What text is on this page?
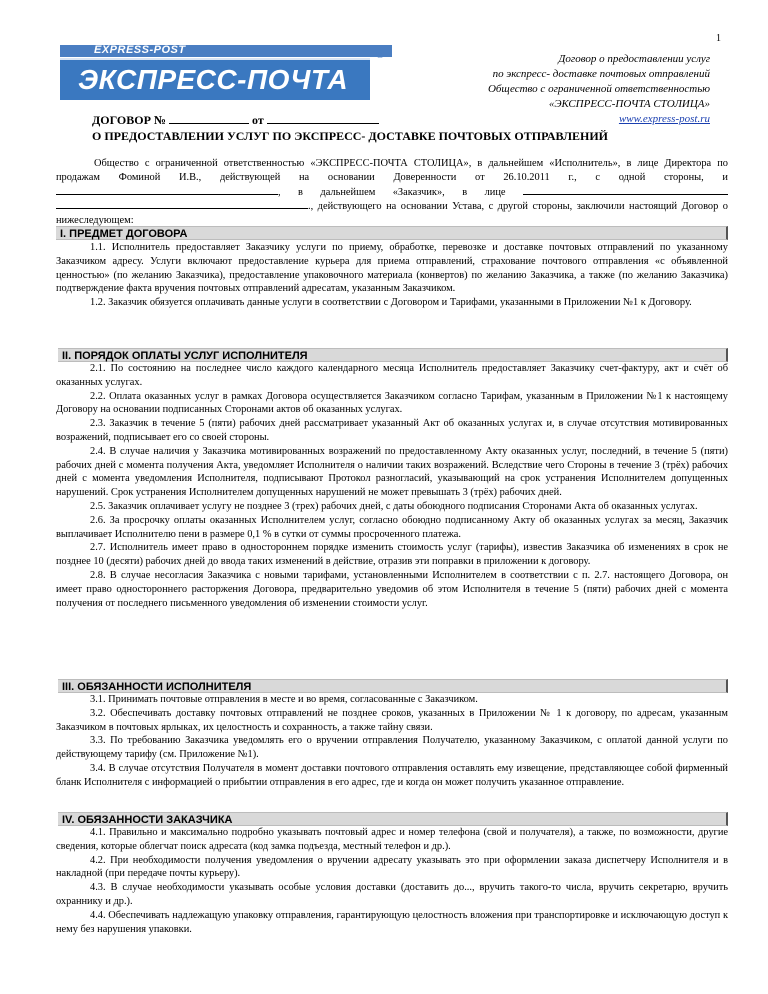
1
EXPRESS-POST
ЭКСПРЕСС-ПОЧТА
®	Договор о предоставлении услуг
по экспресс- доставке почтовых отправлений
Общество с ограниченной ответственностью
«ЭКСПРЕСС-ПОЧТА СТОЛИЦА»
www.express-post.ru
ДОГОВОР №	от
О ПРЕДОСТАВЛЕНИИ УСЛУГ ПО ЭКСПРЕСС- ДОСТАВКЕ ПОЧТОВЫХ ОТПРАВЛЕНИЙ

Общество с ограниченной ответственностью «ЭКСПРЕСС-ПОЧТА СТОЛИЦА», в дальнейшем «Исполнитель», в лице Директора по продажам Фоминой И.В., действующей на основании Доверенности от 26.10.2011 г., с одной стороны, и , в дальнейшем «Заказчик», в лице  ., действующего на основании Устава, с другой стороны, заключили настоящий Договор о нижеследующем:

I. ПРЕДМЕТ ДОГОВОРА

1.1. Исполнитель предоставляет Заказчику услуги по приему, обработке, перевозке и доставке почтовых отправлений по указанному Заказчиком адресу. Услуги включают предоставление курьера для приема отправлений, страхование почтового отправления «с объявленной ценностью» (по желанию Заказчика), предоставление упаковочного материала (конвертов) по желанию Заказчика, а также (по желанию Заказчика) подтверждение факта вручения почтовых отправлений адресатам, указанным Заказчиком.

1.2. Заказчик обязуется оплачивать данные услуги в соответствии с Договором и Тарифами, указанными в Приложении №1 к Договору.

II. ПОРЯДОК ОПЛАТЫ УСЛУГ ИСПОЛНИТЕЛЯ

2.1. По состоянию на последнее число каждого календарного месяца Исполнитель предоставляет Заказчику счет-фактуру, акт и счёт об оказанных услугах.

2.2. Оплата оказанных услуг в рамках Договора осуществляется Заказчиком согласно Тарифам, указанным в Приложении №1 к настоящему Договору на основании подписанных Сторонами актов об оказанных услугах.

2.3. Заказчик в течение 5 (пяти) рабочих дней рассматривает указанный Акт об оказанных услугах и, в случае отсутствия мотивированных возражений, подписывает его со своей стороны.

2.4. В случае наличия у Заказчика мотивированных возражений по предоставленному Акту оказанных услуг, последний, в течение 5 (пяти) рабочих дней с момента получения Акта, уведомляет Исполнителя о наличии таких возражений. Вследствие чего Стороны в течение 3 (трёх) рабочих дней с момента уведомления Исполнителя, подписывают Протокол разногласий, указывающий на срок устранения Исполнителем допущенных нарушений. Срок устранения Исполнителем допущенных нарушений не может превышать 3 (трёх) рабочих дней.

2.5. Заказчик оплачивает услугу не позднее 3 (трех) рабочих дней, с даты обоюдного подписания Сторонами Акта об оказанных услугах.

2.6. За просрочку оплаты оказанных Исполнителем услуг, согласно обоюдно подписанному Акту об оказанных услугах за месяц, Заказчик выплачивает Исполнителю пени в размере 0,1 % в сутки от суммы просроченного платежа.

2.7. Исполнитель имеет право в одностороннем порядке изменить стоимость услуг (тарифы), известив Заказчика об изменениях в срок не позднее 10 (десяти) рабочих дней до ввода таких изменений в действие, отразив эти поправки в приложении к договору.

2.8. В случае несогласия Заказчика с новыми тарифами, установленными Исполнителем в соответствии с п. 2.7. настоящего Договора, он имеет право одностороннего расторжения Договора, предварительно уведомив об этом Исполнителя в течение 5 (пяти) рабочих дней с момента получения от последнего письменного уведомления об изменении стоимости услуг.

III. ОБЯЗАННОСТИ ИСПОЛНИТЕЛЯ

3.1. Принимать почтовые отправления в месте и во время, согласованные с Заказчиком.

3.2. Обеспечивать доставку почтовых отправлений не позднее сроков, указанных в Приложении № 1 к договору, по адресам, указанным Заказчиком в почтовых ярлыках, их целостность и сохранность, а также тайну связи.

3.3. По требованию Заказчика уведомлять его о вручении отправления Получателю, указанному Заказчиком, с оплатой данной услуги по действующему тарифу (см. Приложение №1).

3.4. В случае отсутствия Получателя в момент доставки почтового отправления оставлять ему извещение, представляющее собой фирменный бланк Исполнителя с информацией о прибытии отправления в его адрес, где и когда он может получить указанное отправление.

IV. ОБЯЗАННОСТИ ЗАКАЗЧИКА

4.1. Правильно и максимально подробно указывать почтовый адрес и номер телефона (свой и получателя), а также, по возможности, другие сведения, которые облегчат поиск адресата (код замка подъезда, местный телефон и др.).

4.2. При необходимости получения уведомления о вручении адресату указывать это при оформлении заказа диспетчеру Исполнителя и в накладной (при передаче почты курьеру).

4.3. В случае необходимости указывать особые условия доставки (доставить до..., вручить такого-то числа, вручить секретарю, вручить охраннику и др.).

4.4. Обеспечивать надлежащую упаковку отправления, гарантирующую целостность вложения при транспортировке и исключающую доступ к нему без нарушения упаковки.
